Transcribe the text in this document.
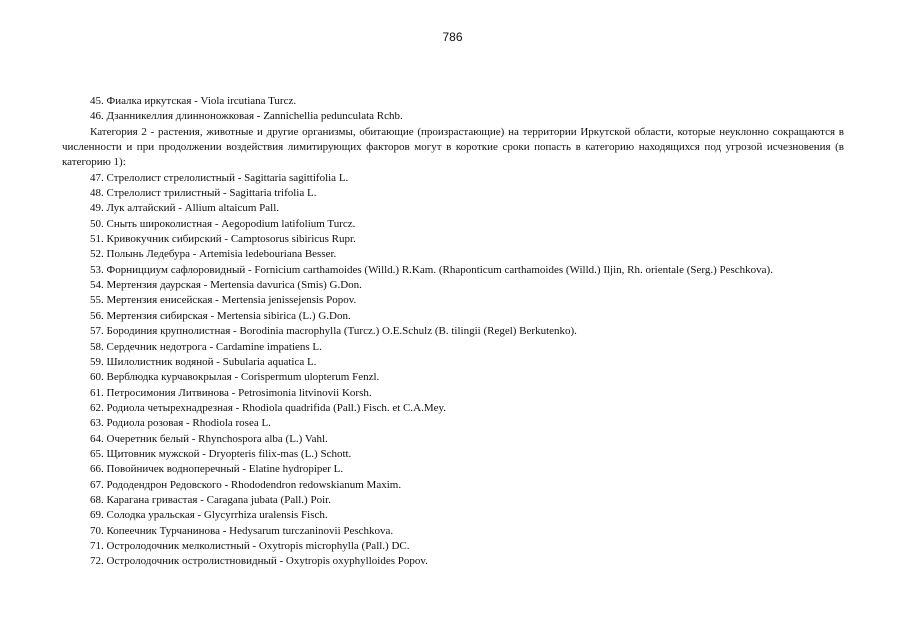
786

45. Фиалка иркутская - Viola ircutiana Turcz.

46. Дзанникеллия длинноножковая - Zannichellia pedunculata Rchb.

Категория 2 - растения, животные и другие организмы, обитающие (произрастающие) на территории Иркутской области, которые неуклонно сокращаются в численности и при продолжении воздействия лимитирующих факторов могут в короткие сроки попасть в категорию находящихся под угрозой исчезновения (в категорию 1):

47. Стрелолист стрелолистный - Sagittaria sagittifolia L.

48. Стрелолист трилистный - Sagittaria trifolia L.

49. Лук алтайский - Allium altaicum Pall.

50. Сныть широколистная - Aegopodium latifolium Turcz.

51. Кривокучник сибирский - Camptosorus sibiricus Rupr.

52. Полынь Ледебура - Artemisia ledebouriana Besser.

53. Форницциум сафлоровидный - Fornicium carthamoides (Willd.) R.Kam. (Rhaponticum carthamoides (Willd.) Iljin, Rh. orientale (Serg.) Peschkova).

54. Мертензия даурская - Mertensia davurica (Smis) G.Don.

55. Мертензия енисейская - Mertensia jenissejensis Popov.

56. Мертензия сибирская - Mertensia sibirica (L.) G.Don.

57. Бородиния крупнолистная - Borodinia macrophylla (Turcz.) O.E.Schulz (B. tilingii (Regel) Berkutenko).

58. Сердечник недотрога - Cardamine impatiens L.

59. Шилолистник водяной - Subularia aquatica L.

60. Верблюдка курчавокрылая - Corispermum ulopterum Fenzl.

61. Петросимония Литвинова - Petrosimonia litvinovii Korsh.

62. Родиола четырехнадрезная - Rhodiola quadrifida (Pall.) Fisch. et C.A.Mey.

63. Родиола розовая - Rhodiola rosea L.

64. Очеретник белый - Rhynchospora alba (L.) Vahl.

65. Щитовник мужской - Dryopteris filix-mas (L.) Schott.

66. Повойничек водноперечный - Elatine hydropiper L.

67. Рододендрон Редовского - Rhododendron redowskianum Maxim.

68. Карагана гривастая - Caragana jubata (Pall.) Poir.

69. Солодка уральская - Glycyrrhiza uralensis Fisch.

70. Копеечник Турчанинова - Hedysarum turczaninovii Peschkova.

71. Остролодочник мелколистный - Oxytropis microphylla (Pall.) DC.

72. Остролодочник остролистновидный - Oxytropis oxyphylloides Popov.
